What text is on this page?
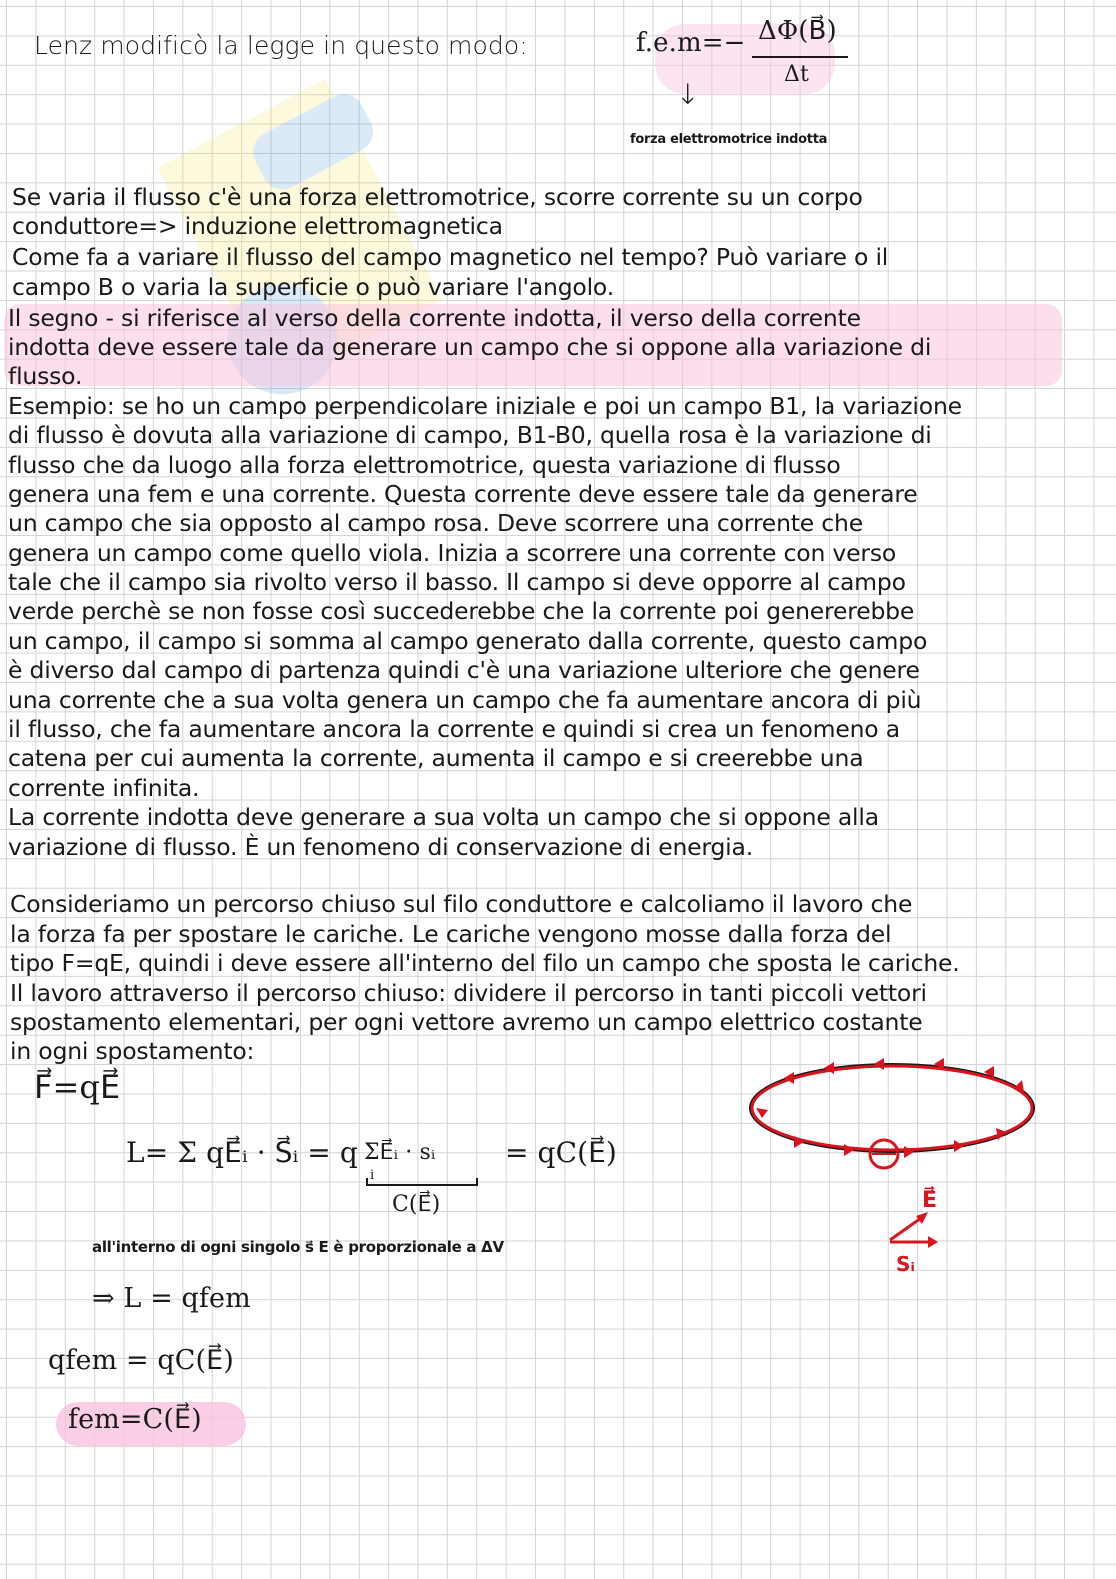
Lenz modificò la legge in questo modo:	f.e.m=− ΔΦ(B⃗)
Δt
↓
forza elettromotrice indotta
Se varia il flusso c'è una forza elettromotrice, scorre corrente su un corpo
conduttore=> induzione elettromagnetica
Come fa a variare il flusso del campo magnetico nel tempo? Può variare o il
campo B o varia la superficie o può variare l'angolo.
Il segno - si riferisce al verso della corrente indotta, il verso della corrente
indotta deve essere tale da generare un campo che si oppone alla variazione di
flusso.
Esempio: se ho un campo perpendicolare iniziale e poi un campo B1, la variazione
di flusso è dovuta alla variazione di campo, B1-B0, quella rosa è la variazione di
flusso che da luogo alla forza elettromotrice, questa variazione di flusso
genera una fem e una corrente. Questa corrente deve essere tale da generare
un campo che sia opposto al campo rosa. Deve scorrere una corrente che
genera un campo come quello viola. Inizia a scorrere una corrente con verso
tale che il campo sia rivolto verso il basso. Il campo si deve opporre al campo
verde perchè se non fosse così succederebbe che la corrente poi genererebbe
un campo, il campo si somma al campo generato dalla corrente, questo campo
è diverso dal campo di partenza quindi c'è una variazione ulteriore che genere
una corrente che a sua volta genera un campo che fa aumentare ancora di più
il flusso, che fa aumentare ancora la corrente e quindi si crea un fenomeno a
catena per cui aumenta la corrente, aumenta il campo e si creerebbe una
corrente infinita.
La corrente indotta deve generare a sua volta un campo che si oppone alla
variazione di flusso. È un fenomeno di conservazione di energia.
Consideriamo un percorso chiuso sul filo conduttore e calcoliamo il lavoro che
la forza fa per spostare le cariche. Le cariche vengono mosse dalla forza del
tipo F=qE, quindi i deve essere all'interno del filo un campo che sposta le cariche.
Il lavoro attraverso il percorso chiuso: dividere il percorso in tanti piccoli vettori
spostamento elementari, per ogni vettore avremo un campo elettrico costante
in ogni spostamento:
F⃗=qE⃗
L= Σ qE⃗ᵢ · S⃗ᵢ = q ΣE⃗ᵢ · sᵢ
i
= qC(E⃗)
C(E⃗)
all'interno di ogni singolo s⃗ E è proporzionale a ΔV
⇒ L = qfem
qfem = qC(E⃗)
fem=C(E⃗)
E⃗
Sᵢ
